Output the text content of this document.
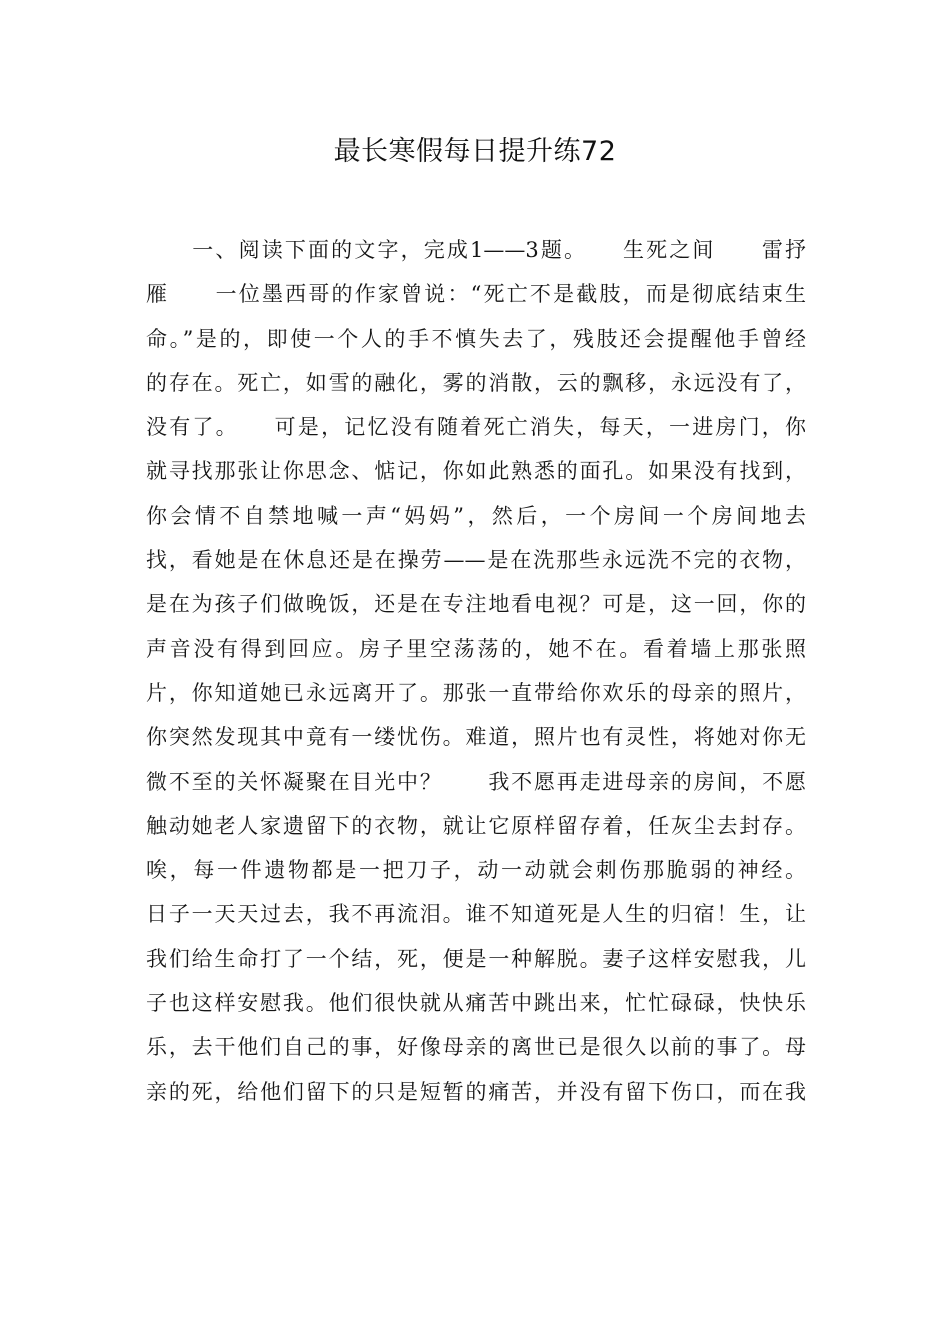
最长寒假每日提升练72
　　一、阅读下面的文字，完成1——3题。　　生死之间　　雷抒
雁　　一位墨西哥的作家曾说：“死亡不是截肢，而是彻底结束生
命。”是的，即使一个人的手不慎失去了，残肢还会提醒他手曾经
的存在。死亡，如雪的融化，雾的消散，云的飘移，永远没有了，
没有了。　　可是，记忆没有随着死亡消失，每天，一进房门，你
就寻找那张让你思念、惦记，你如此熟悉的面孔。如果没有找到，
你会情不自禁地喊一声“妈妈”，然后，一个房间一个房间地去
找，看她是在休息还是在操劳——是在洗那些永远洗不完的衣物，
是在为孩子们做晚饭，还是在专注地看电视？可是，这一回，你的
声音没有得到回应。房子里空荡荡的，她不在。看着墙上那张照
片，你知道她已永远离开了。那张一直带给你欢乐的母亲的照片，
你突然发现其中竟有一缕忧伤。难道，照片也有灵性，将她对你无
微不至的关怀凝聚在目光中？　　我不愿再走进母亲的房间，不愿
触动她老人家遗留下的衣物，就让它原样留存着，任灰尘去封存。
唉，每一件遗物都是一把刀子，动一动就会刺伤那脆弱的神经。
日子一天天过去，我不再流泪。谁不知道死是人生的归宿！生，让
我们给生命打了一个结，死，便是一种解脱。妻子这样安慰我，儿
子也这样安慰我。他们很快就从痛苦中跳出来，忙忙碌碌，快快乐
乐，去干他们自己的事，好像母亲的离世已是很久以前的事了。母
亲的死，给他们留下的只是短暂的痛苦，并没有留下伤口，而在我
